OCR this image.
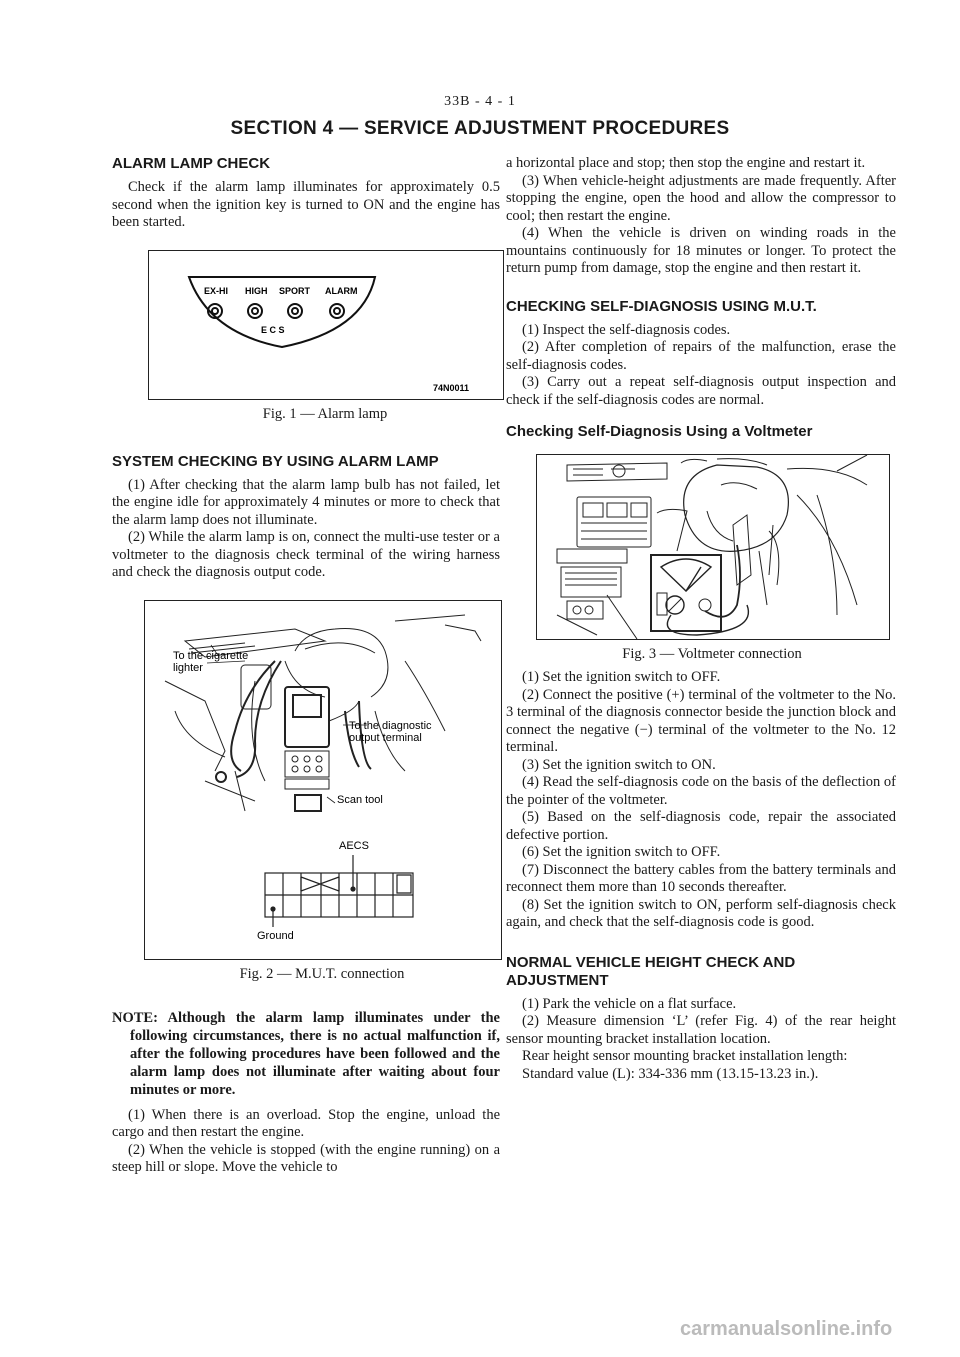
33B - 4 - 1
SECTION 4 — SERVICE ADJUSTMENT PROCEDURES
ALARM LAMP CHECK

Check if the alarm lamp illuminates for approximately 0.5 second when the ignition key is turned to ON and the engine has been started.

EX-HI HIGH SPORT ALARM
E C S
74N0011
Fig. 1 — Alarm lamp
SYSTEM CHECKING BY USING ALARM LAMP

(1) After checking that the alarm lamp bulb has not failed, let the engine idle for approximately 4 minutes or more to check that the alarm lamp does not illuminate.

(2) While the alarm lamp is on, connect the multi-use tester or a voltmeter to the diagnosis check terminal of the wiring harness and check the diagnosis output code.

To the cigarette
lighter
To the diagnostic
output terminal
Scan tool
AECS
Ground
Fig. 2 — M.U.T. connection

NOTE: Although the alarm lamp illuminates under the following circumstances, there is no actual malfunction if, after the following procedures have been followed and the alarm lamp does not illuminate after waiting about four minutes or more.

(1) When there is an overload. Stop the engine, unload the cargo and then restart the engine.

(2) When the vehicle is stopped (with the engine running) on a steep hill or slope. Move the vehicle to

a horizontal place and stop; then stop the engine and restart it.

(3) When vehicle-height adjustments are made frequently. After stopping the engine, open the hood and allow the compressor to cool; then restart the engine.

(4) When the vehicle is driven on winding roads in the mountains continuously for 18 minutes or longer. To protect the return pump from damage, stop the engine and then restart it.

CHECKING SELF-DIAGNOSIS USING M.U.T.

(1) Inspect the self-diagnosis codes.

(2) After completion of repairs of the malfunction, erase the self-diagnosis codes.

(3) Carry out a repeat self-diagnosis output inspection and check if the self-diagnosis codes are normal.

Checking Self-Diagnosis Using a Voltmeter
Fig. 3 — Voltmeter connection

(1) Set the ignition switch to OFF.

(2) Connect the positive (+) terminal of the voltmeter to the No. 3 terminal of the diagnosis connector beside the junction block and connect the negative (−) terminal of the voltmeter to the No. 12 terminal.

(3) Set the ignition switch to ON.

(4) Read the self-diagnosis code on the basis of the deflection of the pointer of the voltmeter.

(5) Based on the self-diagnosis code, repair the associated defective portion.

(6) Set the ignition switch to OFF.

(7) Disconnect the battery cables from the battery terminals and reconnect them more than 10 seconds thereafter.

(8) Set the ignition switch to ON, perform self-diagnosis check again, and check that the self-diagnosis code is good.

NORMAL VEHICLE HEIGHT CHECK AND ADJUSTMENT

(1) Park the vehicle on a flat surface.

(2) Measure dimension ‘L’ (refer Fig. 4) of the rear height sensor mounting bracket installation location.

Rear height sensor mounting bracket installation length:

Standard value (L): 334-336 mm (13.15-13.23 in.).

carmanualsonline.info
